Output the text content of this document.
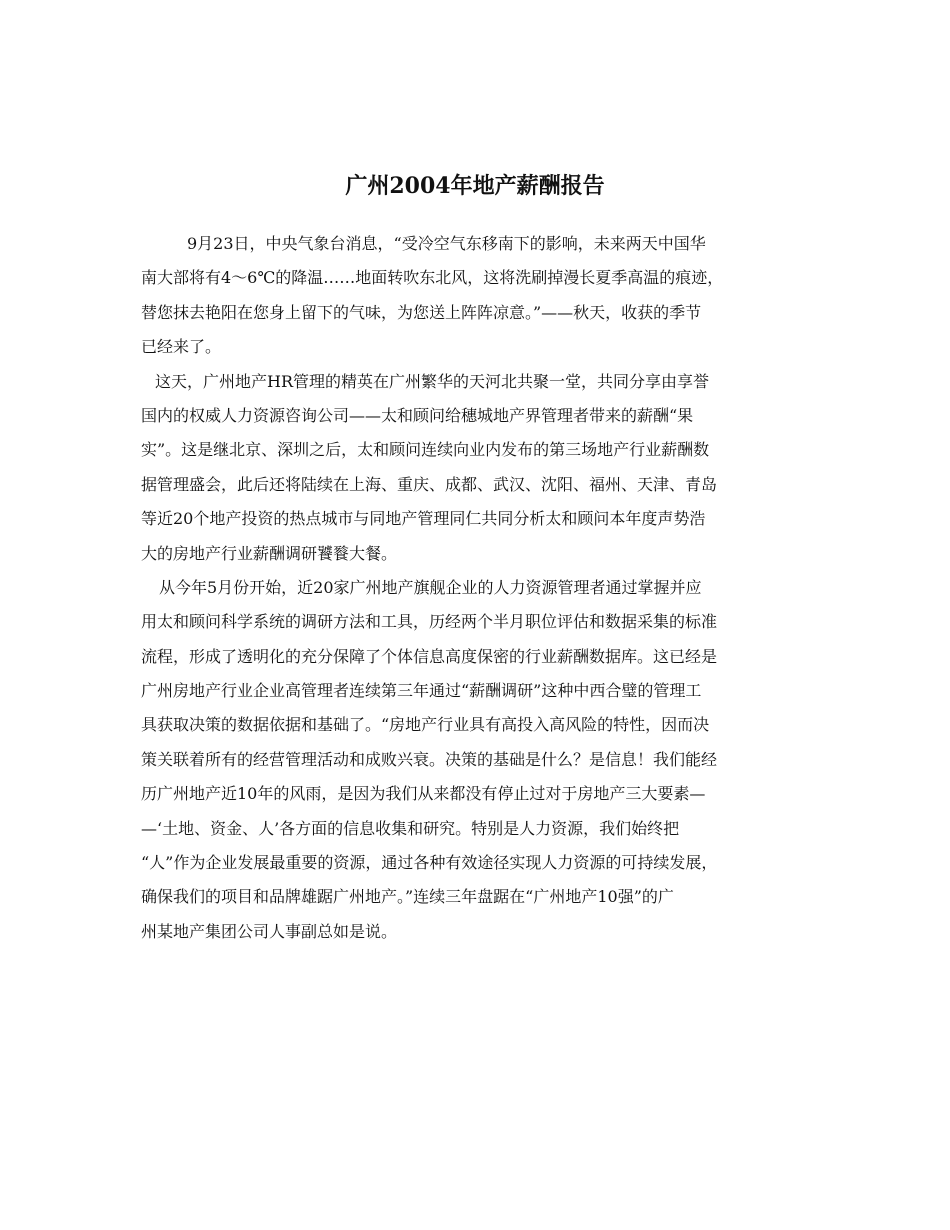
广州2004年地产薪酬报告
9月23日，中央气象台消息，“受冷空气东移南下的影响，未来两天中国华
南大部将有4～6℃的降温……地面转吹东北风，这将洗刷掉漫长夏季高温的痕迹，
替您抹去艳阳在您身上留下的气味，为您送上阵阵凉意。”——秋天，收获的季节
已经来了。
这天，广州地产HR管理的精英在广州繁华的天河北共聚一堂，共同分享由享誉
国内的权威人力资源咨询公司——太和顾问给穗城地产界管理者带来的薪酬“果
实”。这是继北京、深圳之后，太和顾问连续向业内发布的第三场地产行业薪酬数
据管理盛会，此后还将陆续在上海、重庆、成都、武汉、沈阳、福州、天津、青岛
等近20个地产投资的热点城市与同地产管理同仁共同分析太和顾问本年度声势浩
大的房地产行业薪酬调研饕餮大餐。
从今年5月份开始，近20家广州地产旗舰企业的人力资源管理者通过掌握并应
用太和顾问科学系统的调研方法和工具，历经两个半月职位评估和数据采集的标准
流程，形成了透明化的充分保障了个体信息高度保密的行业薪酬数据库。这已经是
广州房地产行业企业高管理者连续第三年通过“薪酬调研”这种中西合璧的管理工
具获取决策的数据依据和基础了。“房地产行业具有高投入高风险的特性，因而决
策关联着所有的经营管理活动和成败兴衰。决策的基础是什么？是信息！我们能经
历广州地产近10年的风雨，是因为我们从来都没有停止过对于房地产三大要素—
—‘土地、资金、人’各方面的信息收集和研究。特别是人力资源，我们始终把
“人”作为企业发展最重要的资源，通过各种有效途径实现人力资源的可持续发展，
确保我们的项目和品牌雄踞广州地产。”连续三年盘踞在“广州地产10强”的广
州某地产集团公司人事副总如是说。
